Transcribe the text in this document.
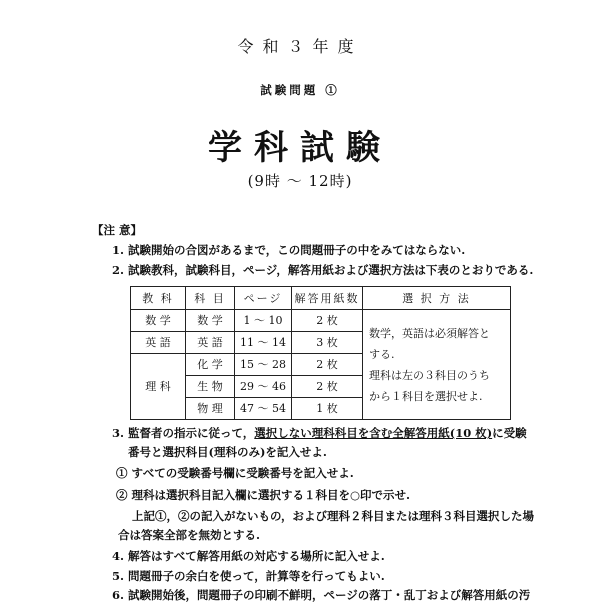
令和３年度
試験問題 ①
学科試験
(9時 ～ 12時)
【注 意】
1. 試験開始の合図があるまで，この問題冊子の中をみてはならない.
2. 試験教科，試験科目，ページ，解答用紙および選択方法は下表のとおりである.
教 科	科 目	ページ	解答用紙数	選 択 方 法
数 学	数 学	1 ～ 10	2 枚	数学，英語は必須解答と
する.
理科は左の３科目のうち
から１科目を選択せよ.

英 語	英 語	11 ～ 14	3 枚	
理 科	化 学	15 ～ 28	2 枚	
	生 物	29 ～ 46	2 枚	
	物 理	47 ～ 54	1 枚	
3. 監督者の指示に従って，選択しない理科科目を含む全解答用紙(10 枚)に受験
番号と選択科目(理科のみ)を記入せよ.
① すべての受験番号欄に受験番号を記入せよ.
② 理科は選択科目記入欄に選択する１科目を○印で示せ.
上記①，②の記入がないもの，および理科２科目または理科３科目選択した場
合は答案全部を無効とする.
4. 解答はすべて解答用紙の対応する場所に記入せよ.
5. 問題冊子の余白を使って，計算等を行ってもよい.
6. 試験開始後，問題冊子の印刷不鮮明，ページの落丁・乱丁および解答用紙の汚
